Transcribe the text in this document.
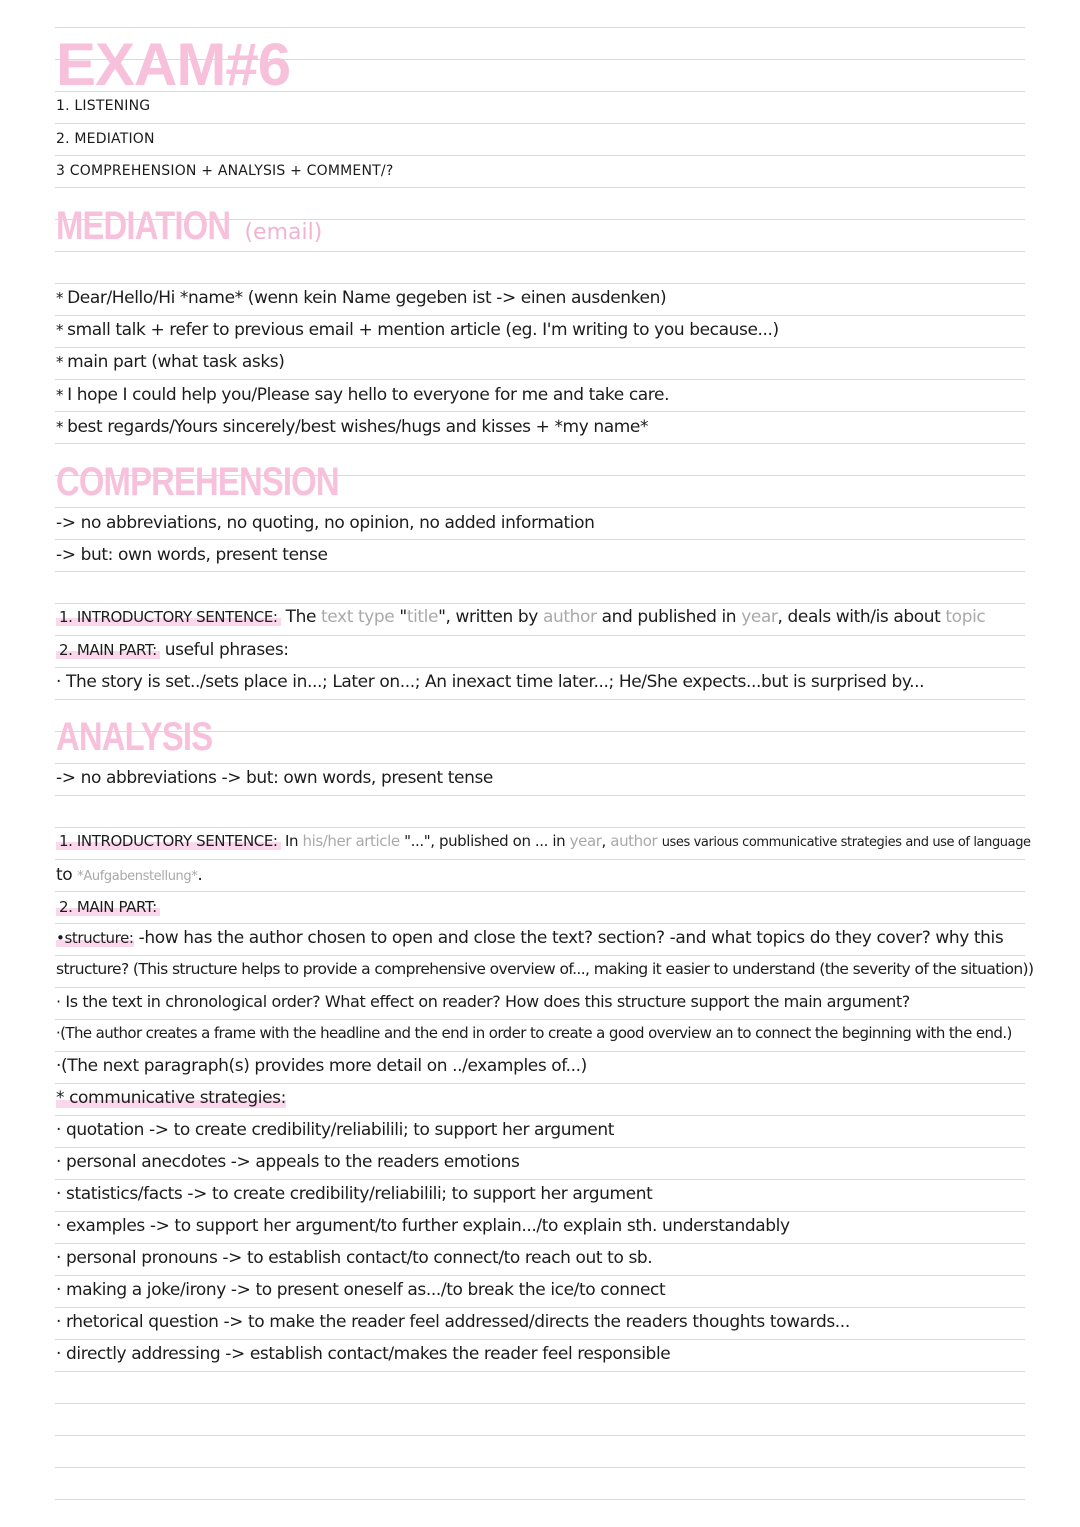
EXAM#6
1. LISTENING
2. MEDIATION
3 COMPREHENSION + ANALYSIS + COMMENT/?
MEDIATION (email)
* Dear/Hello/Hi *name* (wenn kein Name gegeben ist -> einen ausdenken)
* small talk + refer to previous email + mention article (eg. I'm writing to you because...)
* main part (what task asks)
* I hope I could help you/Please say hello to everyone for me and take care.
* best regards/Yours sincerely/best wishes/hugs and kisses + *my name*
COMPREHENSION
-> no abbreviations, no quoting, no opinion, no added information
-> but: own words, present tense
1. INTRODUCTORY SENTENCE: The text type "title", written by author and published in year, deals with/is about topic
2. MAIN PART: useful phrases:
· The story is set../sets place in...; Later on...; An inexact time later...; He/She expects...but is surprised by...
ANALYSIS
-> no abbreviations -> but: own words, present tense
1. INTRODUCTORY SENTENCE: In his/her article "...", published on ... in year, author uses various communicative strategies and use of language
to *Aufgabenstellung*.
2. MAIN PART:
•structure: -how has the author chosen to open and close the text? section? -and what topics do they cover? why this
structure? (This structure helps to provide a comprehensive overview of..., making it easier to understand (the severity of the situation))
· Is the text in chronological order? What effect on reader? How does this structure support the main argument?
·(The author creates a frame with the headline and the end in order to create a good overview an to connect the beginning with the end.)
·(The next paragraph(s) provides more detail on ../examples of...)
* communicative strategies:
· quotation -> to create credibility/reliabilili; to support her argument
· personal anecdotes -> appeals to the readers emotions
· statistics/facts -> to create credibility/reliabilili; to support her argument
· examples -> to support her argument/to further explain.../to explain sth. understandably
· personal pronouns -> to establish contact/to connect/to reach out to sb.
· making a joke/irony -> to present oneself as.../to break the ice/to connect
· rhetorical question -> to make the reader feel addressed/directs the readers thoughts towards...
· directly addressing -> establish contact/makes the reader feel responsible
